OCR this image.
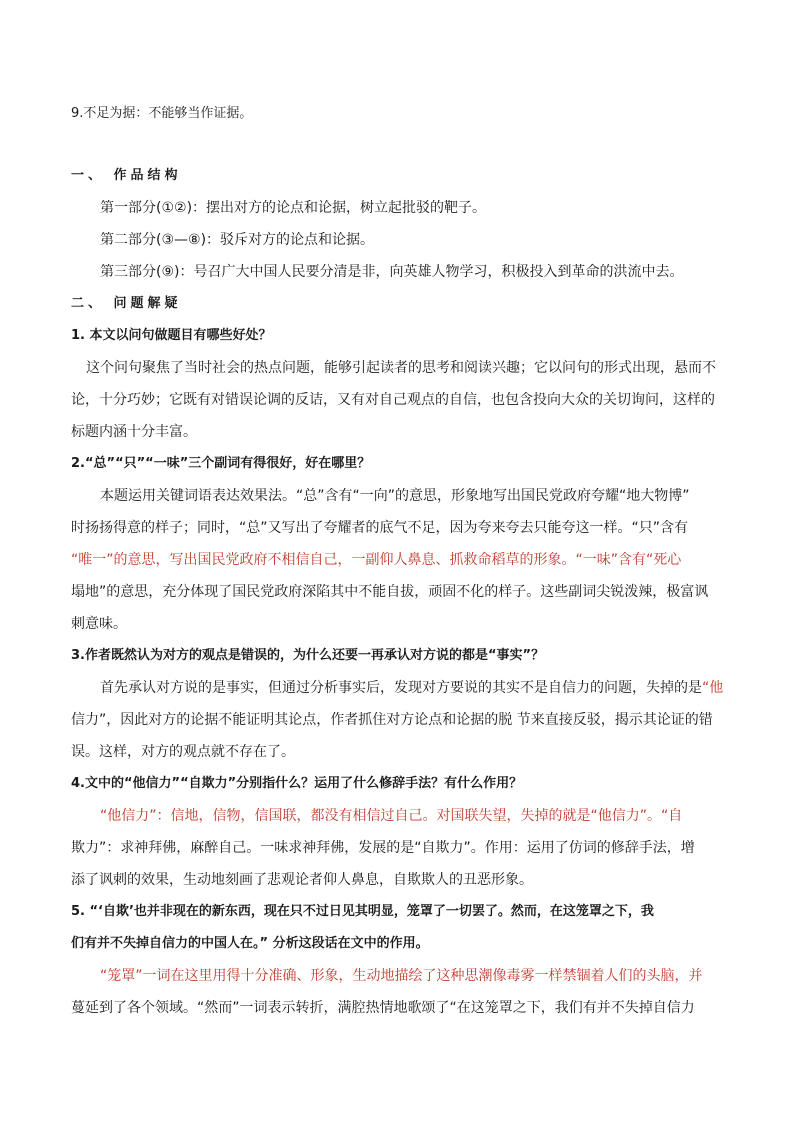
9.不足为据：不能够当作证据。
一、 作品结构
第一部分(①②)：摆出对方的论点和论据，树立起批驳的靶子。
第二部分(③—⑧)：驳斥对方的论点和论据。
第三部分(⑨)：号召广大中国人民要分清是非，向英雄人物学习，积极投入到革命的洪流中去。
二、 问题解疑
1. 本文以问句做题目有哪些好处？
这个问句聚焦了当时社会的热点问题，能够引起读者的思考和阅读兴趣；它以问句的形式出现，悬而不
论，十分巧妙；它既有对错误论调的反诘，又有对自己观点的自信，也包含投向大众的关切询问，这样的
标题内涵十分丰富。
2.“总”“只”“一味”三个副词有得很好，好在哪里？
本题运用关键词语表达效果法。“总”含有“一向”的意思，形象地写出国民党政府夸耀“地大物博”
时扬扬得意的样子；同时，“总”又写出了夸耀者的底气不足，因为夸来夸去只能夸这一样。“只”含有
“唯一”的意思，写出国民党政府不相信自己，一副仰人鼻息、抓救命稻草的形象。“一味”含有“死心
塌地”的意思，充分体现了国民党政府深陷其中不能自拔，顽固不化的样子。这些副词尖锐泼辣，极富讽
刺意味。
3.作者既然认为对方的观点是错误的，为什么还要一再承认对方说的都是“事实”？
首先承认对方说的是事实，但通过分析事实后，发现对方要说的其实不是自信力的问题，失掉的是“他
信力”，因此对方的论据不能证明其论点，作者抓住对方论点和论据的脱 节来直接反驳，揭示其论证的错
误。这样，对方的观点就不存在了。
4.文中的“他信力”“自欺力”分别指什么？运用了什么修辞手法？有什么作用？
“他信力”：信地，信物，信国联，都没有相信过自己。对国联失望，失掉的就是“他信力”。“自
欺力”：求神拜佛，麻醉自己。一味求神拜佛，发展的是“自欺力”。作用：运用了仿词的修辞手法，增
添了讽刺的效果，生动地刻画了悲观论者仰人鼻息，自欺欺人的丑恶形象。
5. “‘自欺’也并非现在的新东西，现在只不过日见其明显，笼罩了一切罢了。然而，在这笼罩之下，我
们有并不失掉自信力的中国人在。” 分析这段话在文中的作用。
“笼罩”一词在这里用得十分准确、形象，生动地描绘了这种思潮像毒雾一样禁锢着人们的头脑，并
蔓延到了各个领域。“然而”一词表示转折，满腔热情地歌颂了“在这笼罩之下，我们有并不失掉自信力
